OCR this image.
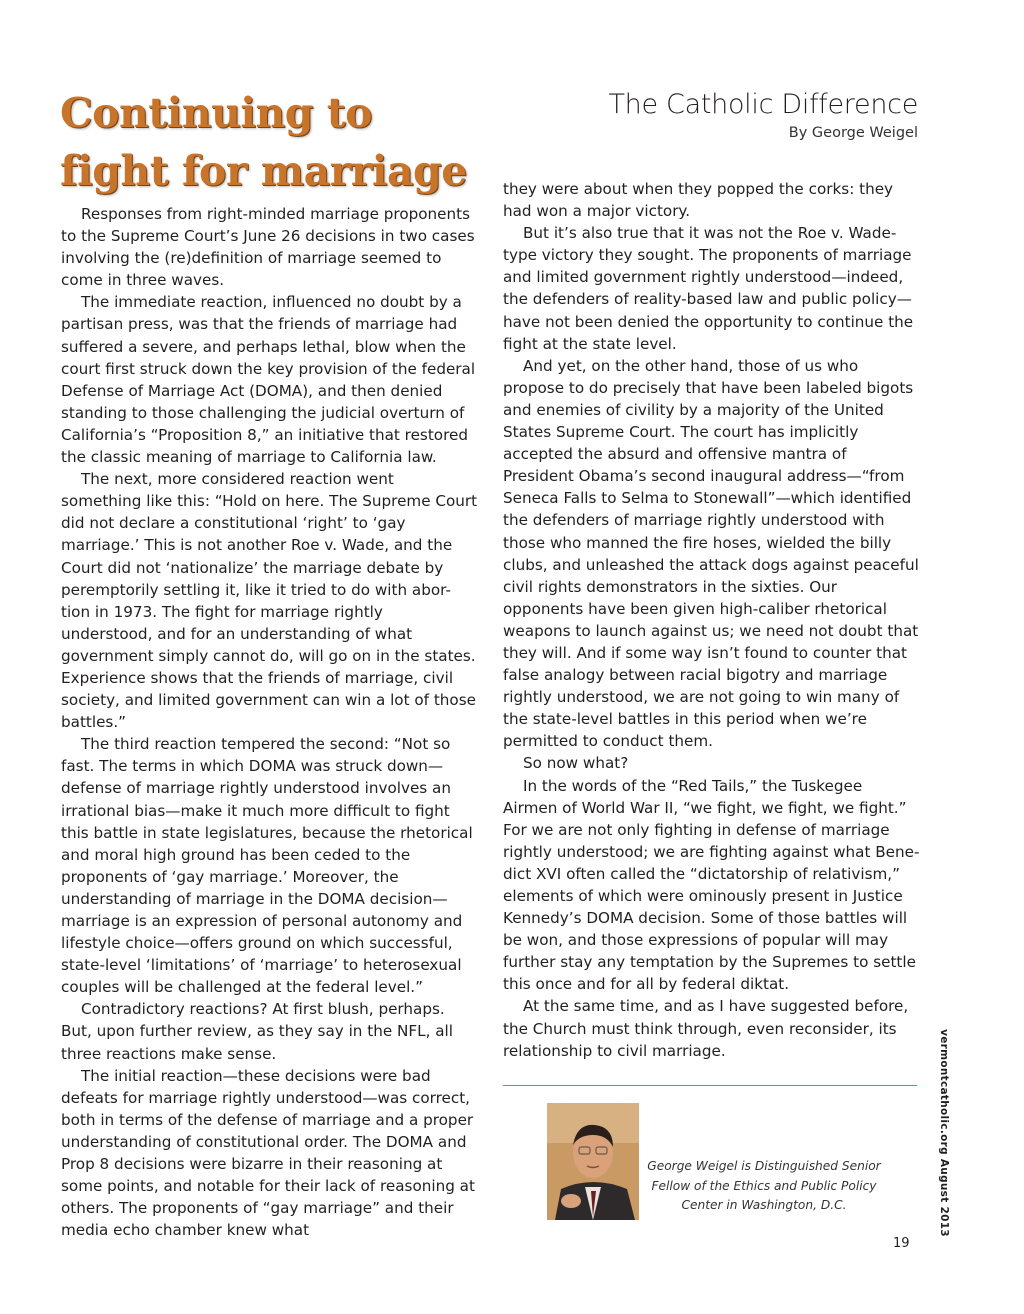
Continuing to
fight for marriage
The Catholic Difference
By George Weigel

Responses from right-minded marriage proponents to the Supreme Court’s June 26 decisions in two cases involving the (re)definition of marriage seemed to come in three waves.

The immediate reaction, influenced no doubt by a partisan press, was that the friends of marriage had suffered a severe, and perhaps lethal, blow when the court first struck down the key provision of the federal Defense of Marriage Act (DOMA), and then denied standing to those challenging the judicial overturn of California’s “Proposition 8,” an initiative that restored the classic meaning of marriage to California law.

The next, more considered reaction went something like this: “Hold on here. The Supreme Court did not declare a constitutional ‘right’ to ‘gay marriage.’ This is not another Roe v. Wade, and the Court did not ‘nationalize’ the marriage debate by peremptorily settling it, like it tried to do with abor-tion in 1973. The fight for marriage rightly understood, and for an understanding of what government simply cannot do, will go on in the states. Experience shows that the friends of marriage, civil society, and limited government can win a lot of those battles.”

The third reaction tempered the second: “Not so fast. The terms in which DOMA was struck down—defense of marriage rightly understood involves an irrational bias—make it much more difficult to fight this battle in state legislatures, because the rhetorical and moral high ground has been ceded to the proponents of ‘gay marriage.’ Moreover, the understanding of marriage in the DOMA decision—marriage is an expression of personal autonomy and lifestyle choice—offers ground on which successful, state-level ‘limitations’ of ‘marriage’ to heterosexual couples will be challenged at the federal level.”

Contradictory reactions? At first blush, perhaps. But, upon further review, as they say in the NFL, all three reactions make sense.

The initial reaction—these decisions were bad defeats for marriage rightly understood—was correct, both in terms of the defense of marriage and a proper understanding of constitutional order. The DOMA and Prop 8 decisions were bizarre in their reasoning at some points, and notable for their lack of reasoning at others. The proponents of “gay marriage” and their media echo chamber knew what

they were about when they popped the corks: they had won a major victory.

But it’s also true that it was not the Roe v. Wade-type victory they sought. The proponents of marriage and limited government rightly understood—indeed, the defenders of reality-based law and public policy—have not been denied the opportunity to continue the fight at the state level.

And yet, on the other hand, those of us who propose to do precisely that have been labeled bigots and enemies of civility by a majority of the United States Supreme Court. The court has implicitly accepted the absurd and offensive mantra of President Obama’s second inaugural address—“from Seneca Falls to Selma to Stonewall”—which identified the defenders of marriage rightly understood with those who manned the fire hoses, wielded the billy clubs, and unleashed the attack dogs against peaceful civil rights demonstrators in the sixties. Our opponents have been given high-caliber rhetorical weapons to launch against us; we need not doubt that they will. And if some way isn’t found to counter that false analogy between racial bigotry and marriage rightly understood, we are not going to win many of the state-level battles in this period when we’re permitted to conduct them.

So now what?

In the words of the “Red Tails,” the Tuskegee Airmen of World War II, “we fight, we fight, we fight.” For we are not only fighting in defense of marriage rightly understood; we are fighting against what Bene-dict XVI often called the “dictatorship of relativism,” elements of which were ominously present in Justice Kennedy’s DOMA decision. Some of those battles will be won, and those expressions of popular will may further stay any temptation by the Supremes to settle this once and for all by federal diktat.

At the same time, and as I have suggested before, the Church must think through, even reconsider, its relationship to civil marriage.

George Weigel is Distinguished Senior Fellow of the Ethics and Public Policy Center in Washington, D.C.	vermontcatholic.org August 2013
19
